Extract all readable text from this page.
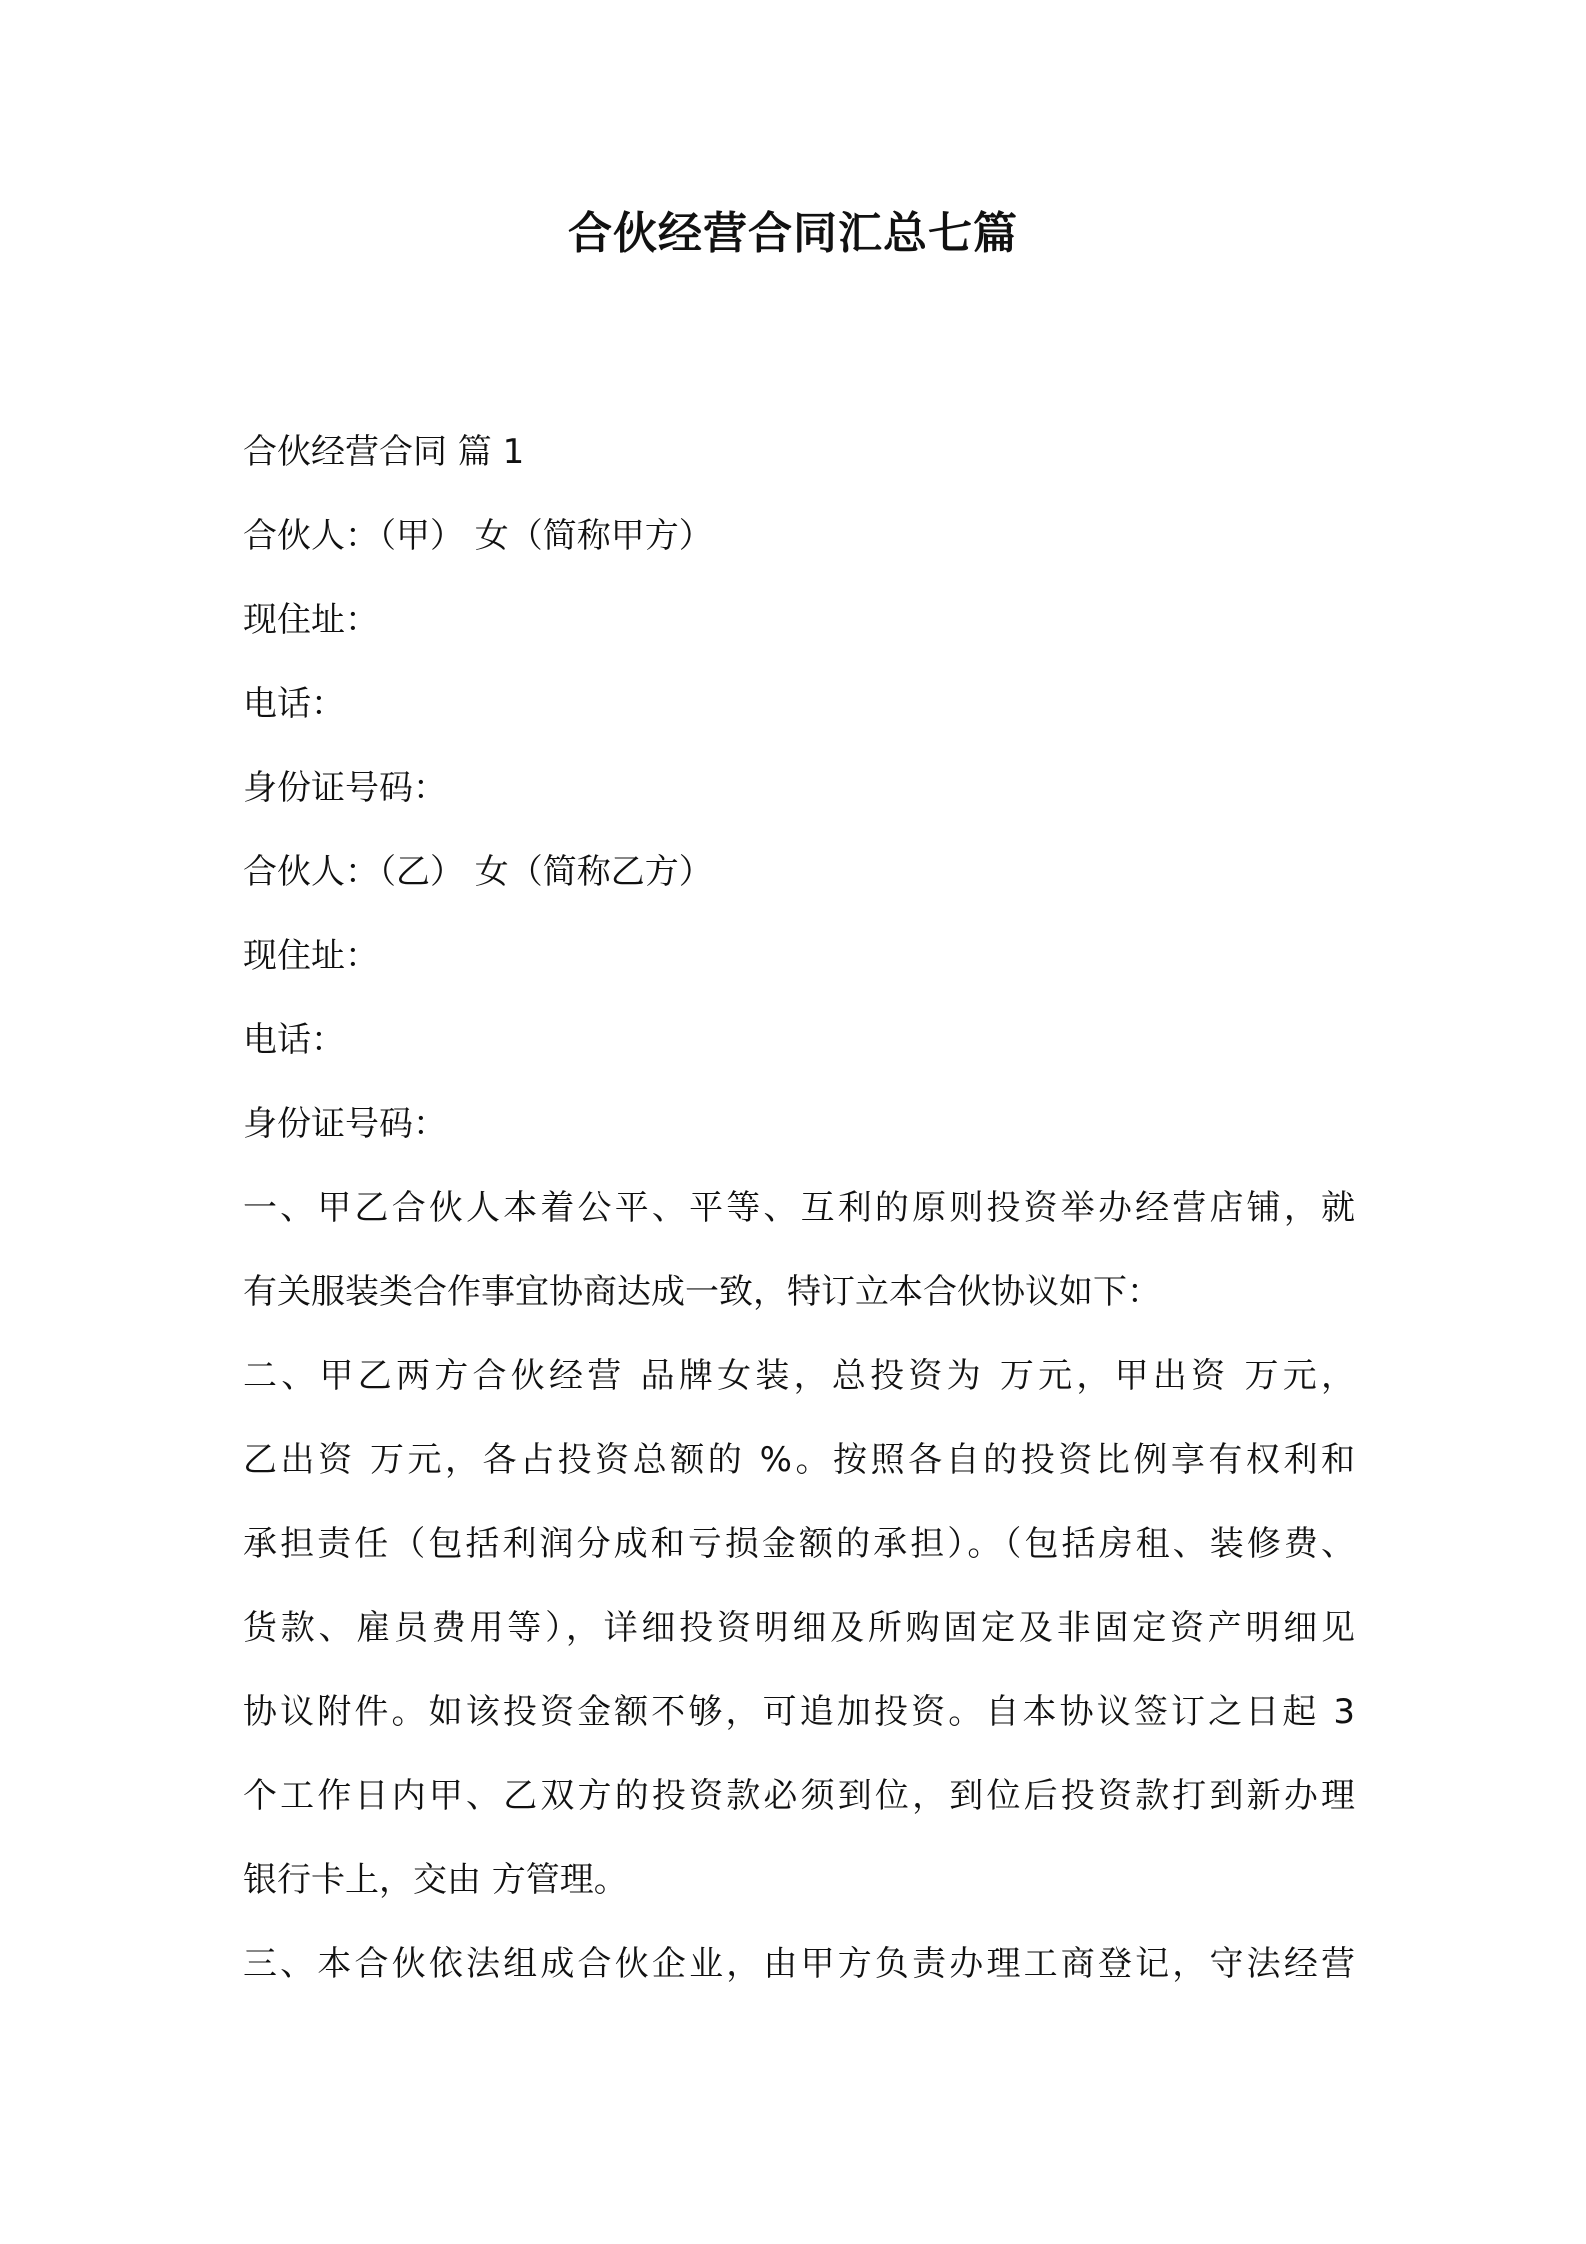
合伙经营合同汇总七篇

合伙经营合同 篇 1

合伙人：（甲） 女（简称甲方）

现住址：

电话：

身份证号码：

合伙人：（乙） 女（简称乙方）

现住址：

电话：

身份证号码：

一、甲乙合伙人本着公平、平等、互利的原则投资举办经营店铺，就

有关服装类合作事宜协商达成一致，特订立本合伙协议如下：

二、甲乙两方合伙经营 品牌女装，总投资为 万元，甲出资 万元，

乙出资 万元，各占投资总额的 %。按照各自的投资比例享有权利和

承担责任（包括利润分成和亏损金额的承担）。（包括房租、装修费、

货款、雇员费用等），详细投资明细及所购固定及非固定资产明细见

协议附件。如该投资金额不够，可追加投资。自本协议签订之日起 3

个工作日内甲、乙双方的投资款必须到位，到位后投资款打到新办理

银行卡上，交由 方管理。

三、本合伙依法组成合伙企业，由甲方负责办理工商登记，守法经营
